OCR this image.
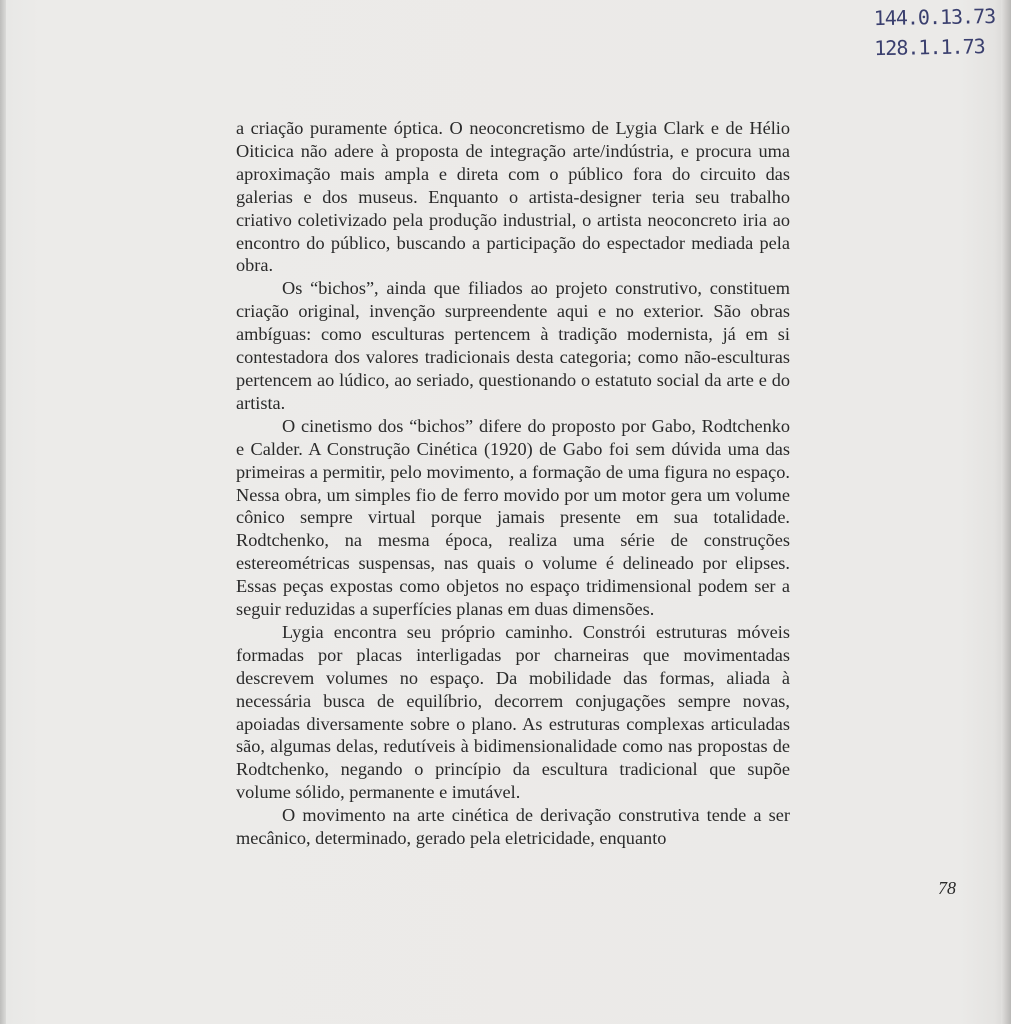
144.0.13.73
128.1.1.73

a criação puramente óptica. O neoconcretismo de Lygia Clark e de Hélio Oiticica não adere à proposta de integração arte/indústria, e procura uma aproximação mais ampla e direta com o público fora do circuito das galerias e dos museus. Enquanto o artista-designer teria seu trabalho criativo coletivizado pela produção industrial, o artista neoconcreto iria ao encontro do público, buscando a participação do espectador mediada pela obra.

Os “bichos”, ainda que filiados ao projeto construtivo, constituem criação original, invenção surpreendente aqui e no exterior. São obras ambíguas: como esculturas pertencem à tradição modernista, já em si contestadora dos valores tradicionais desta categoria; como não-esculturas pertencem ao lúdico, ao seriado, questionando o estatuto social da arte e do artista.

O cinetismo dos “bichos” difere do proposto por Gabo, Rodtchenko e Calder. A Construção Cinética (1920) de Gabo foi sem dúvida uma das primeiras a permitir, pelo movimento, a formação de uma figura no espaço. Nessa obra, um simples fio de ferro movido por um motor gera um volume cônico sempre virtual porque jamais presente em sua totalidade. Rodtchenko, na mesma época, realiza uma série de construções estereométricas suspensas, nas quais o volume é delineado por elipses. Essas peças expostas como objetos no espaço tridimensional podem ser a seguir reduzidas a superfícies planas em duas dimensões.

Lygia encontra seu próprio caminho. Constrói estruturas móveis formadas por placas interligadas por charneiras que movimentadas descrevem volumes no espaço. Da mobilidade das formas, aliada à necessária busca de equilíbrio, decorrem conjugações sempre novas, apoiadas diversamente sobre o plano. As estruturas complexas articuladas são, algumas delas, redutíveis à bidimensionalidade como nas propostas de Rodtchenko, negando o princípio da escultura tradicional que supõe volume sólido, permanente e imutável.

O movimento na arte cinética de derivação construtiva tende a ser mecânico, determinado, gerado pela eletricidade, enquanto

78
